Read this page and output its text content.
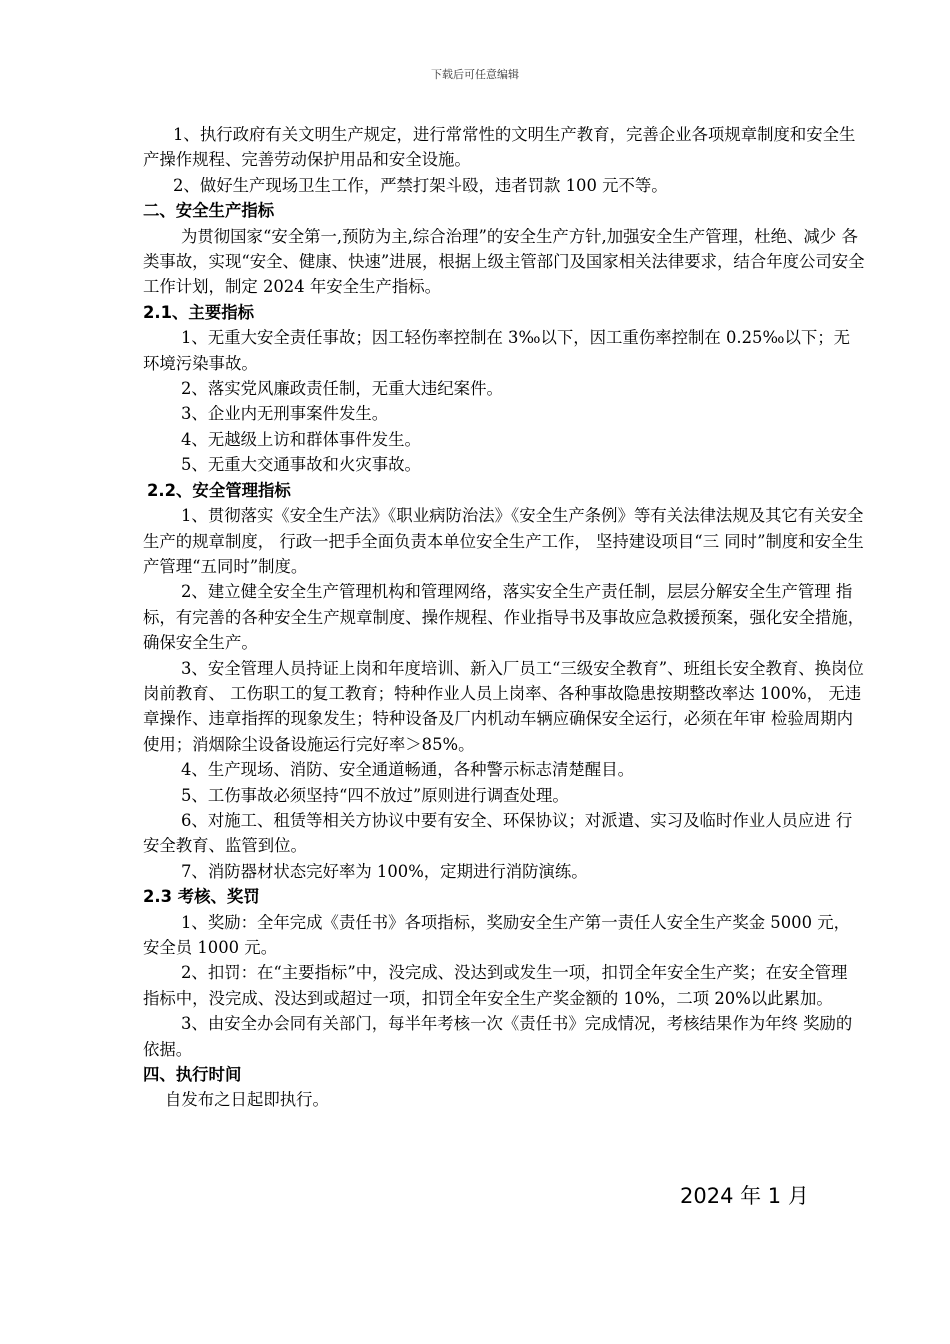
下载后可任意编辑

1、执行政府有关文明生产规定，进行常常性的文明生产教育，完善企业各项规章制度和安全生产操作规程、完善劳动保护用品和安全设施。

2、做好生产现场卫生工作，严禁打架斗殴，违者罚款 100 元不等。

二、安全生产指标

为贯彻国家“安全第一,预防为主,综合治理”的安全生产方针,加强安全生产管理，杜绝、减少 各类事故，实现“安全、健康、快速”进展，根据上级主管部门及国家相关法律要求，结合年度公司安全工作计划，制定 2024 年安全生产指标。

2.1、主要指标

1、无重大安全责任事故；因工轻伤率控制在 3‰以下，因工重伤率控制在 0.25‰以下；无环境污染事故。

2、落实党风廉政责任制，无重大违纪案件。

3、企业内无刑事案件发生。

4、无越级上访和群体事件发生。

5、无重大交通事故和火灾事故。

2.2、安全管理指标

1、贯彻落实《安全生产法》《职业病防治法》《安全生产条例》等有关法律法规及其它有关安全生产的规章制度， 行政一把手全面负责本单位安全生产工作， 坚持建设项目“三 同时”制度和安全生产管理“五同时”制度。

2、建立健全安全生产管理机构和管理网络，落实安全生产责任制，层层分解安全生产管理 指标，有完善的各种安全生产规章制度、操作规程、作业指导书及事故应急救援预案，强化安全措施，确保安全生产。

3、安全管理人员持证上岗和年度培训、新入厂员工“三级安全教育”、班组长安全教育、换岗位岗前教育、 工伤职工的复工教育；特种作业人员上岗率、各种事故隐患按期整改率达 100%， 无违章操作、违章指挥的现象发生；特种设备及厂内机动车辆应确保安全运行，必须在年审 检验周期内使用；消烟除尘设备设施运行完好率＞85%。

4、生产现场、消防、安全通道畅通，各种警示标志清楚醒目。

5、工伤事故必须坚持“四不放过”原则进行调查处理。

6、对施工、租赁等相关方协议中要有安全、环保协议；对派遣、实习及临时作业人员应进 行安全教育、监管到位。

7、消防器材状态完好率为 100%，定期进行消防演练。

2.3 考核、奖罚

1、奖励：全年完成《责任书》各项指标，奖励安全生产第一责任人安全生产奖金 5000 元，安全员 1000 元。

2、扣罚：在“主要指标”中，没完成、没达到或发生一项，扣罚全年安全生产奖；在安全管理 指标中，没完成、没达到或超过一项，扣罚全年安全生产奖金额的 10%，二项 20%以此累加。

3、由安全办会同有关部门，每半年考核一次《责任书》完成情况，考核结果作为年终 奖励的依据。

四、执行时间

自发布之日起即执行。

2024 年 1 月
